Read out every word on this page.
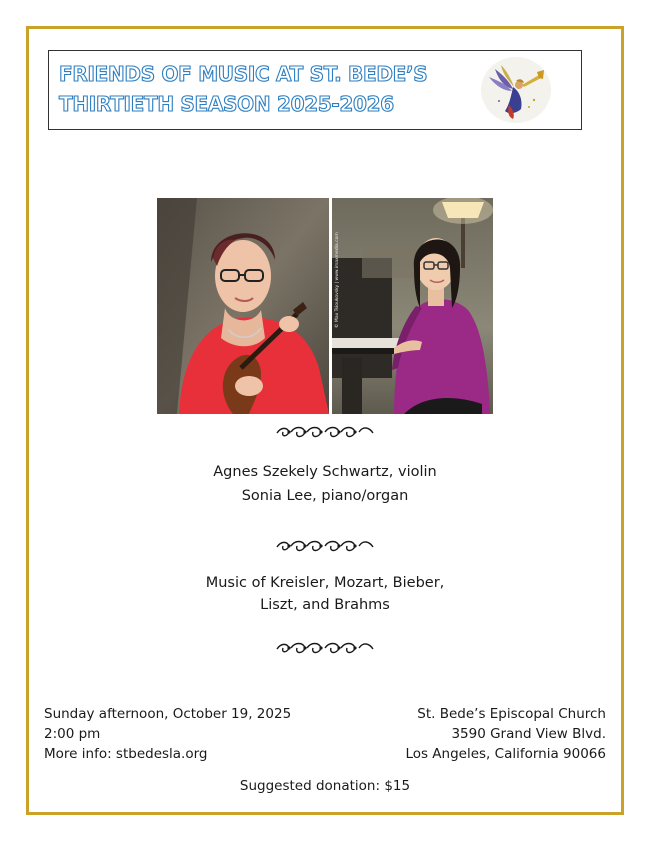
FRIENDS OF MUSIC AT ST. BEDE’S
THIRTIETH SEASON 2025-2026
© Max Tsioukovsky | www.imaxmedia.com
Agnes Szekely Schwartz, violin
Sonia Lee, piano/organ
Music of Kreisler, Mozart, Bieber,
Liszt, and Brahms
Sunday afternoon, October 19, 2025
2:00 pm
More info: stbedesla.org
St. Bede’s Episcopal Church
3590 Grand View Blvd.
Los Angeles, California 90066
Suggested donation: $15
